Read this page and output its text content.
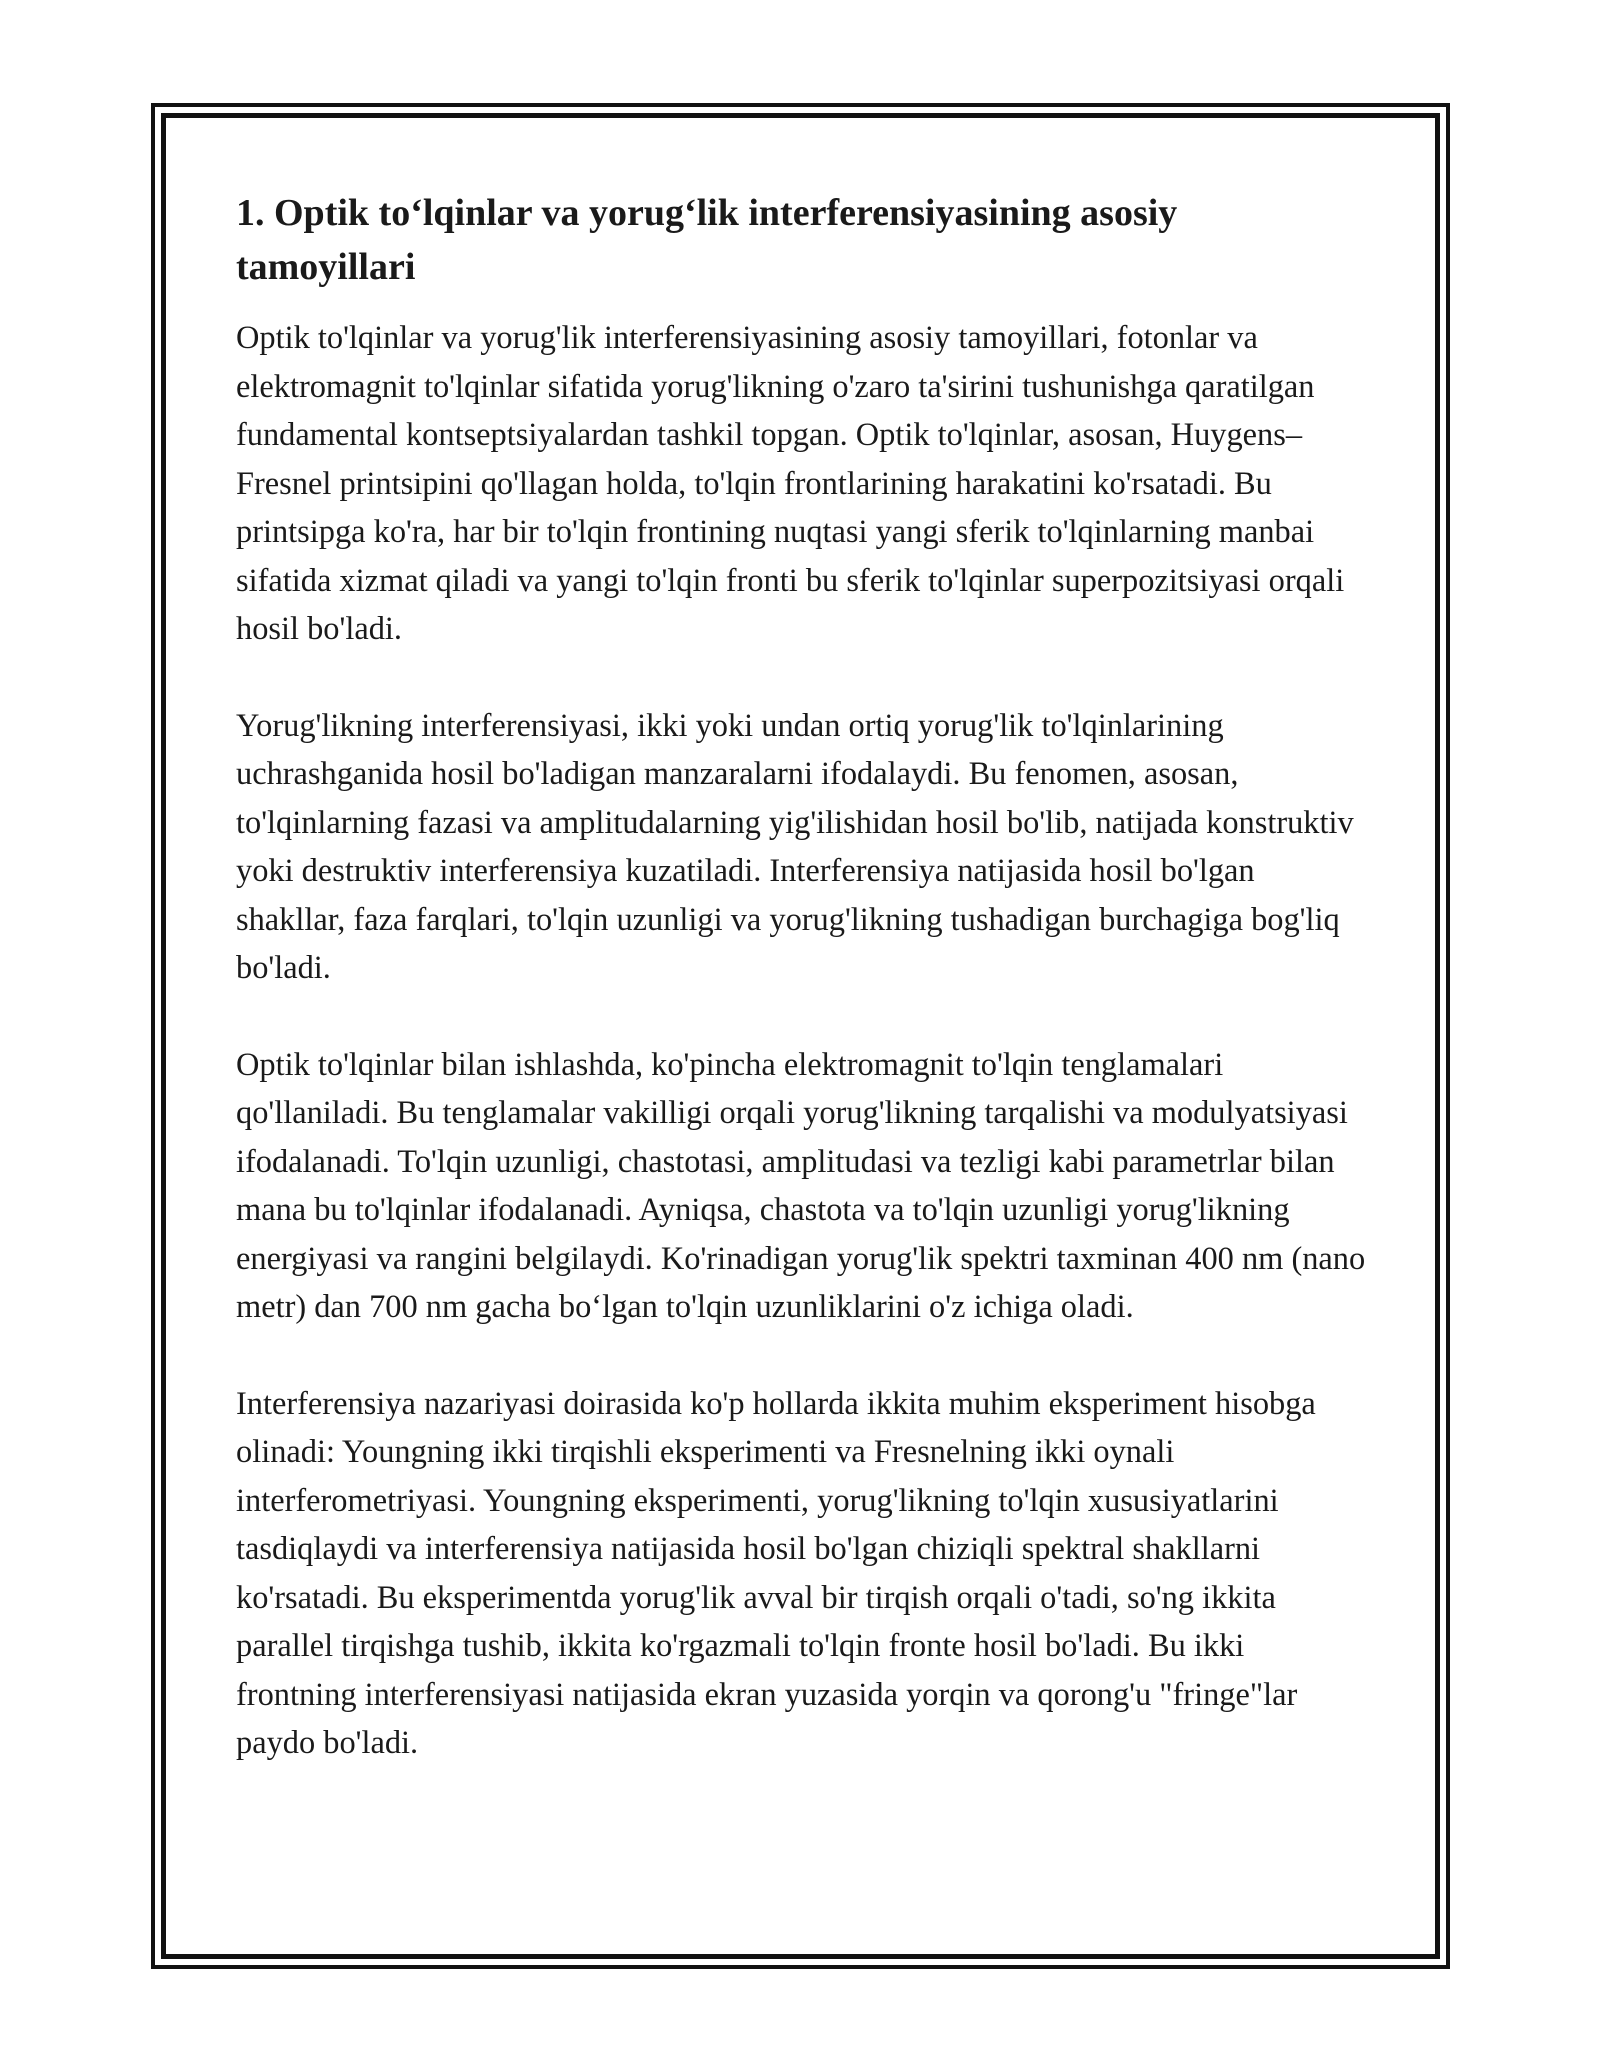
1. Optik to‘lqinlar va yorug‘lik interferensiyasining asosiy tamoyillari

Optik to'lqinlar va yorug'lik interferensiyasining asosiy tamoyillari, fotonlar va elektromagnit to'lqinlar sifatida yorug'likning o'zaro ta'sirini tushunishga qaratilgan fundamental kontseptsiyalardan tashkil topgan. Optik to'lqinlar, asosan, Huygens–Fresnel printsipini qo'llagan holda, to'lqin frontlarining harakatini ko'rsatadi. Bu printsipga ko'ra, har bir to'lqin frontining nuqtasi yangi sferik to'lqinlarning manbai sifatida xizmat qiladi va yangi to'lqin fronti bu sferik to'lqinlar superpozitsiyasi orqali hosil bo'ladi.

Yorug'likning interferensiyasi, ikki yoki undan ortiq yorug'lik to'lqinlarining uchrashganida hosil bo'ladigan manzaralarni ifodalaydi. Bu fenomen, asosan, to'lqinlarning fazasi va amplitudalarning yig'ilishidan hosil bo'lib, natijada konstruktiv yoki destruktiv interferensiya kuzatiladi. Interferensiya natijasida hosil bo'lgan shakllar, faza farqlari, to'lqin uzunligi va yorug'likning tushadigan burchagiga bog'liq bo'ladi.

Optik to'lqinlar bilan ishlashda, ko'pincha elektromagnit to'lqin tenglamalari qo'llaniladi. Bu tenglamalar vakilligi orqali yorug'likning tarqalishi va modulyatsiyasi ifodalanadi. To'lqin uzunligi, chastotasi, amplitudasi va tezligi kabi parametrlar bilan mana bu to'lqinlar ifodalanadi. Ayniqsa, chastota va to'lqin uzunligi yorug'likning energiyasi va rangini belgilaydi. Ko'rinadigan yorug'lik spektri taxminan 400 nm (nano metr) dan 700 nm gacha bo‘lgan to'lqin uzunliklarini o'z ichiga oladi.

Interferensiya nazariyasi doirasida ko'p hollarda ikkita muhim eksperiment hisobga olinadi: Youngning ikki tirqishli eksperimenti va Fresnelning ikki oynali interferometriyasi. Youngning eksperimenti, yorug'likning to'lqin xususiyatlarini tasdiqlaydi va interferensiya natijasida hosil bo'lgan chiziqli spektral shakllarni ko'rsatadi. Bu eksperimentda yorug'lik avval bir tirqish orqali o'tadi, so'ng ikkita parallel tirqishga tushib, ikkita ko'rgazmali to'lqin fronte hosil bo'ladi. Bu ikki frontning interferensiyasi natijasida ekran yuzasida yorqin va qorong'u "fringe"lar paydo bo'ladi.
